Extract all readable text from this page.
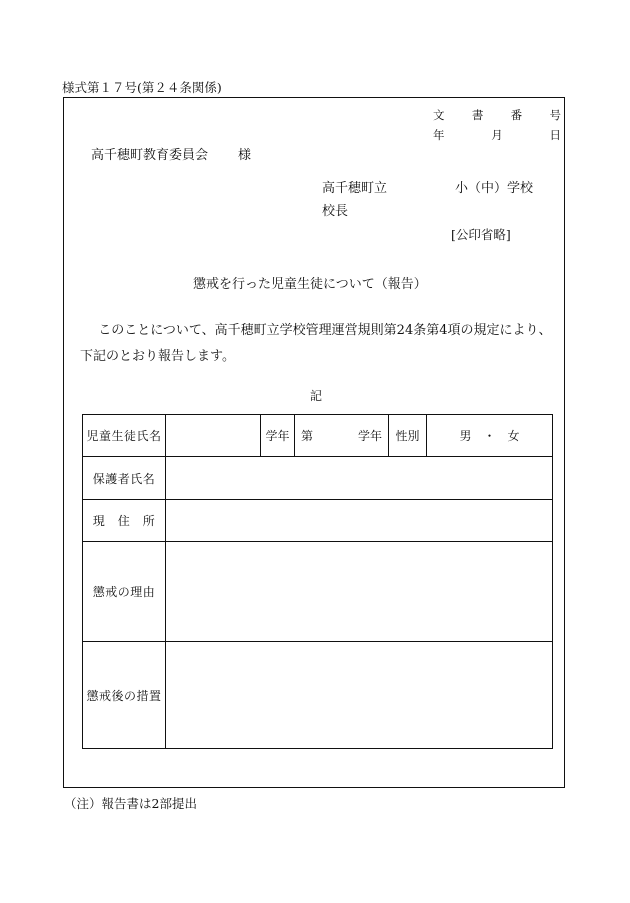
様式第１７号(第２４条関係)
文 書 番 号
年	月	日
高千穂町教育委員会 様
高千穂町立	小（中）学校
校長
[公印省略]
懲戒を行った児童生徒について（報告）
このことについて、高千穂町立学校管理運営規則第24条第4項の規定により、下記のとおり報告します。
記
児童生徒氏名		学年	第 学年	性別	男　・　女
保護者氏名					
現　住　所					
懲戒の理由					
懲戒後の措置					
（注）報告書は2部提出
